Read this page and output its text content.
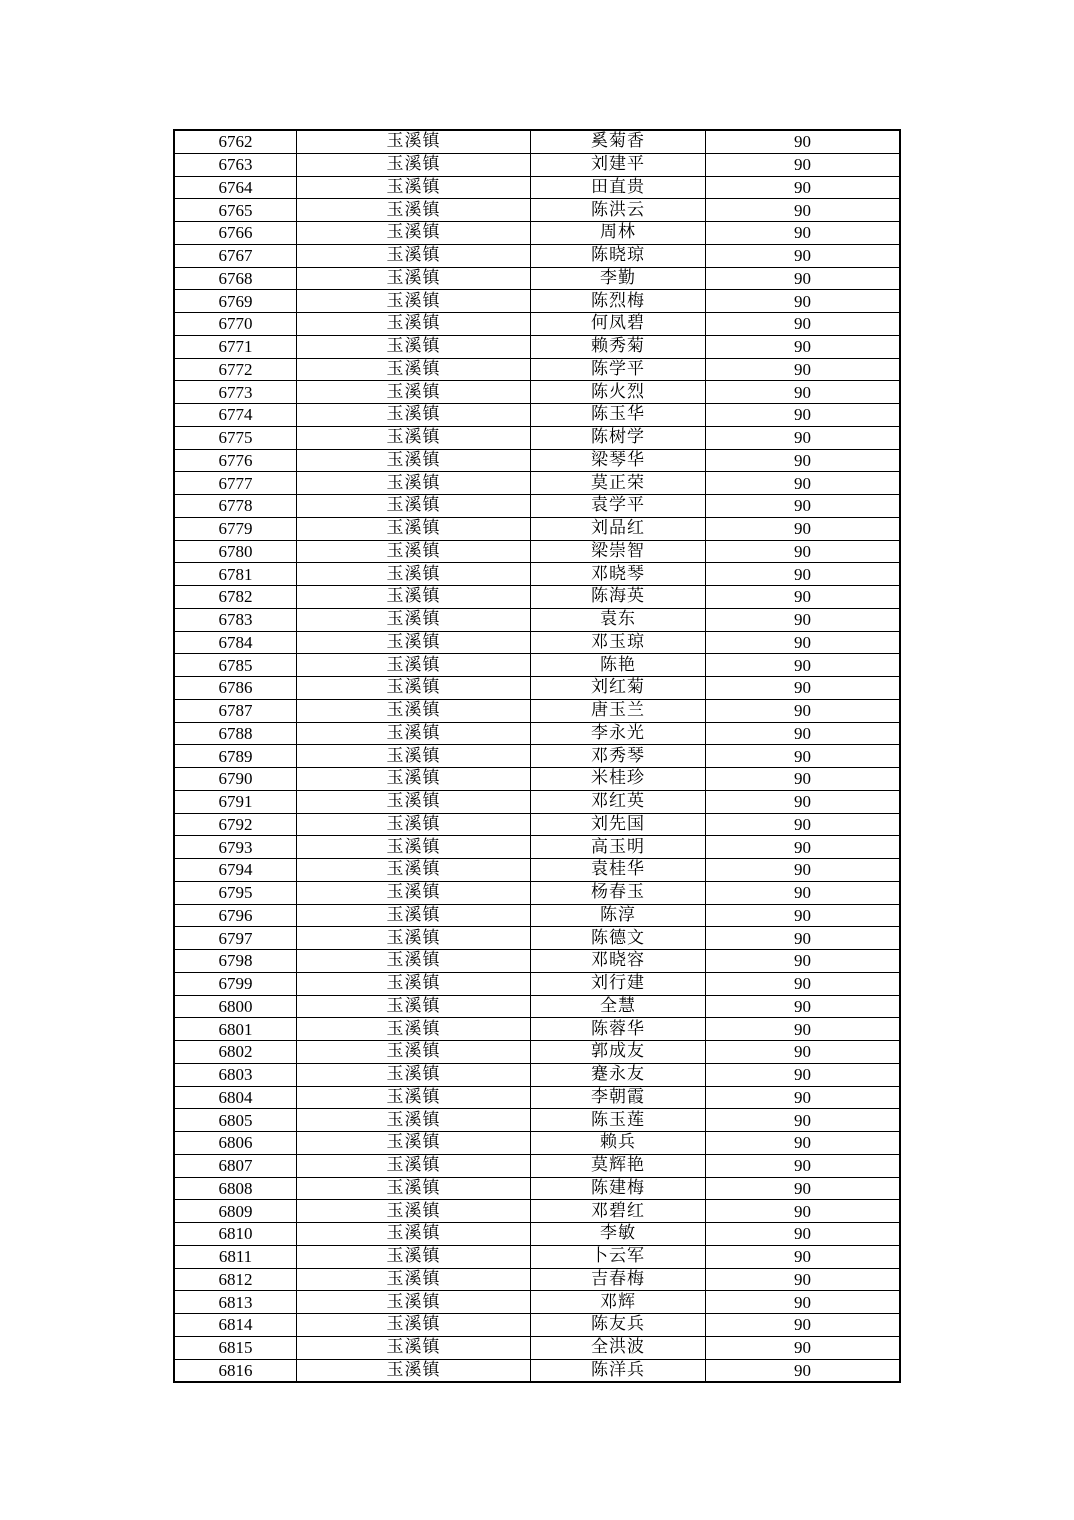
6762	玉溪镇	奚菊香	90
6763	玉溪镇	刘建平	90
6764	玉溪镇	田直贵	90
6765	玉溪镇	陈洪云	90
6766	玉溪镇	周林	90
6767	玉溪镇	陈晓琼	90
6768	玉溪镇	李勤	90
6769	玉溪镇	陈烈梅	90
6770	玉溪镇	何凤碧	90
6771	玉溪镇	赖秀菊	90
6772	玉溪镇	陈学平	90
6773	玉溪镇	陈火烈	90
6774	玉溪镇	陈玉华	90
6775	玉溪镇	陈树学	90
6776	玉溪镇	梁琴华	90
6777	玉溪镇	莫正荣	90
6778	玉溪镇	袁学平	90
6779	玉溪镇	刘品红	90
6780	玉溪镇	梁崇智	90
6781	玉溪镇	邓晓琴	90
6782	玉溪镇	陈海英	90
6783	玉溪镇	袁东	90
6784	玉溪镇	邓玉琼	90
6785	玉溪镇	陈艳	90
6786	玉溪镇	刘红菊	90
6787	玉溪镇	唐玉兰	90
6788	玉溪镇	李永光	90
6789	玉溪镇	邓秀琴	90
6790	玉溪镇	米桂珍	90
6791	玉溪镇	邓红英	90
6792	玉溪镇	刘先国	90
6793	玉溪镇	高玉明	90
6794	玉溪镇	袁桂华	90
6795	玉溪镇	杨春玉	90
6796	玉溪镇	陈淳	90
6797	玉溪镇	陈德文	90
6798	玉溪镇	邓晓容	90
6799	玉溪镇	刘行建	90
6800	玉溪镇	全慧	90
6801	玉溪镇	陈蓉华	90
6802	玉溪镇	郭成友	90
6803	玉溪镇	蹇永友	90
6804	玉溪镇	李朝霞	90
6805	玉溪镇	陈玉莲	90
6806	玉溪镇	赖兵	90
6807	玉溪镇	莫辉艳	90
6808	玉溪镇	陈建梅	90
6809	玉溪镇	邓碧红	90
6810	玉溪镇	李敏	90
6811	玉溪镇	卜云军	90
6812	玉溪镇	吉春梅	90
6813	玉溪镇	邓辉	90
6814	玉溪镇	陈友兵	90
6815	玉溪镇	全洪波	90
6816	玉溪镇	陈洋兵	90
